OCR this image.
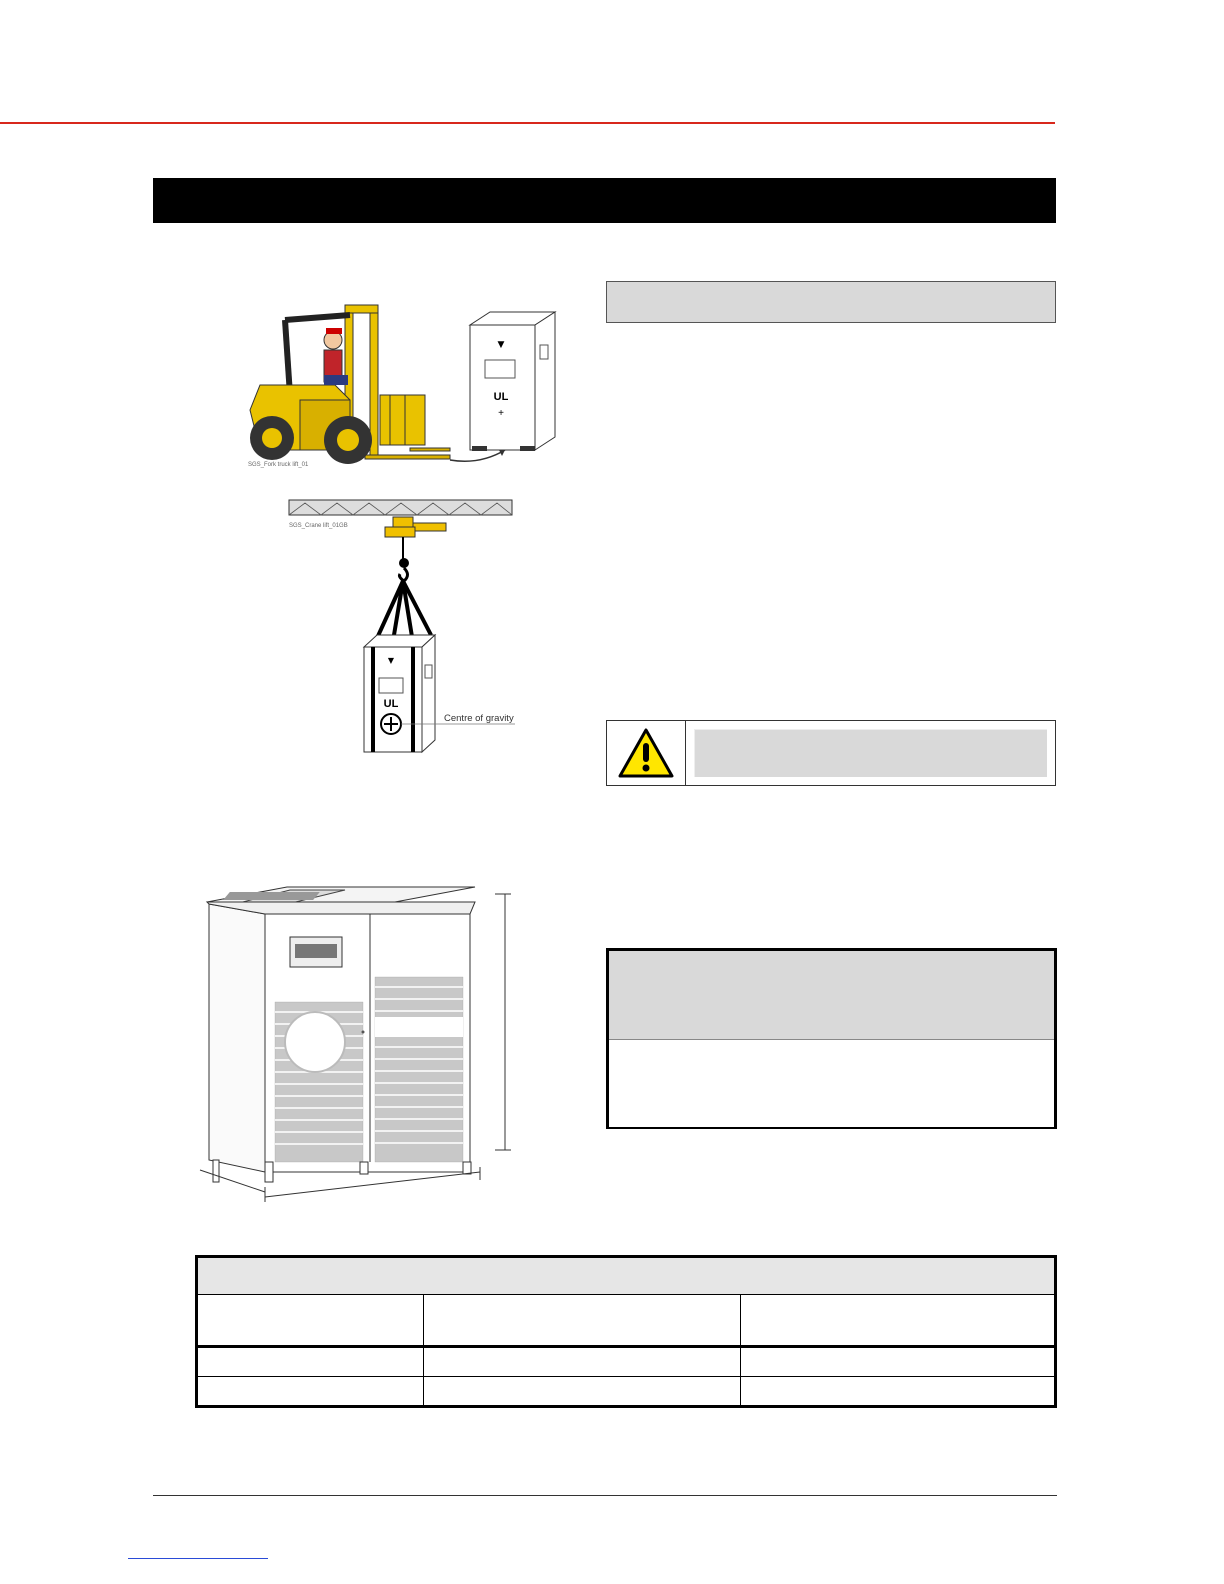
▼
UL
+
SGS_Fork truck lift_01
SGS_Crane lift_01GB
▼
UL
Centre of gravity
